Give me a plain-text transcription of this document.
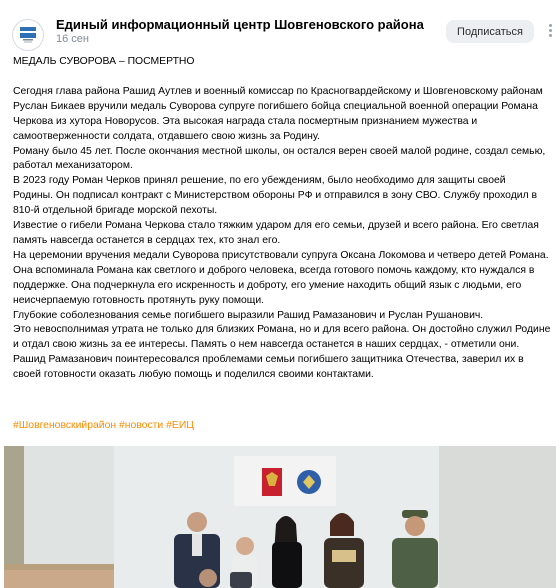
Единый информационный центр Шовгеновского района
16 сен
Подписаться

МЕДАЛЬ СУВОРОВА – ПОСМЕРТНО

Сегодня глава района Рашид Аутлев и военный комиссар по Красногвардейскому и Шовгеновскому районам

Руслан Бикаев вручили медаль Суворова супруге погибшего бойца специальной военной операции Романа

Черкова из хутора Новорусов. Эта высокая награда стала посмертным признанием мужества и

самоотверженности солдата, отдавшего свою жизнь за Родину.

Роману было 45 лет. После окончания местной школы, он остался верен своей малой родине, создал семью,

работал механизатором.

В 2023 году Роман Черков принял решение, по его убеждениям, было необходимо для защиты своей

Родины. Он подписал контракт с Министерством обороны РФ и отправился в зону СВО. Службу проходил в

810-й отдельной бригаде морской пехоты.

Известие о гибели Романа Черкова стало тяжким ударом для его семьи, друзей и всего района. Его светлая

память навсегда останется в сердцах тех, кто знал его.

На церемонии вручения медали Суворова присутствовали супруга Оксана Локомова и четверо детей Романа.

Она вспоминала Романа как светлого и доброго человека, всегда готового помочь каждому, кто нуждался в

поддержке. Она подчеркнула его искренность и доброту, его умение находить общий язык с людьми, его

неисчерпаемую готовность протянуть руку помощи.

Глубокие соболезнования семье погибшего выразили Рашид Рамазанович и Руслан Рушанович.

Это невосполнимая утрата не только для близких Романа, но и для всего района. Он достойно служил Родине

и отдал свою жизнь за ее интересы. Память о нем навсегда останется в наших сердцах, - отметили они.

Рашид Рамазанович поинтересовался проблемами семьи погибшего защитника Отечества, заверил их в

своей готовности оказать любую помощь и поделился своими контактами.

#Шовгеновскийрайон #новости #ЕИЦ
